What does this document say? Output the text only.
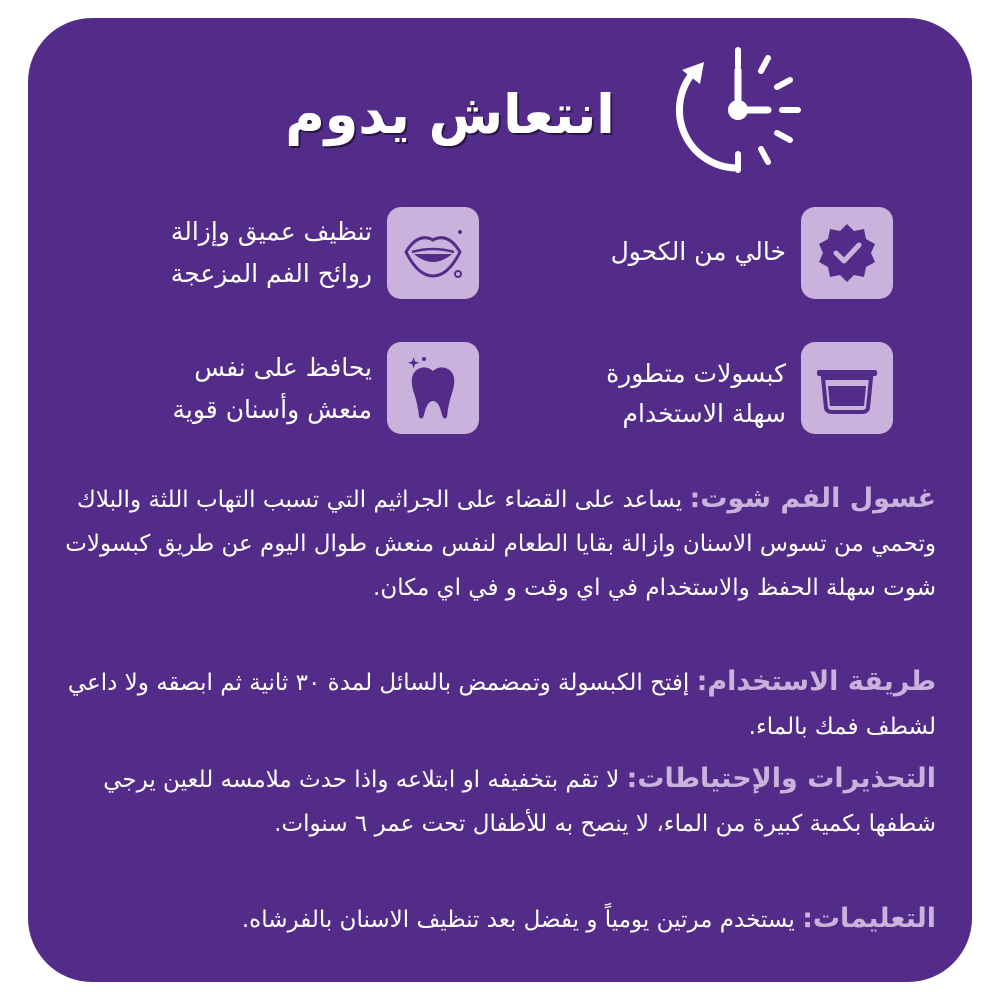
انتعاش يدوم
تنظيف عميق وإزالة
روائح الفم المزعجة
خالي من الكحول
يحافظ على نفس
منعش وأسنان قوية
كبسولات متطورة
سهلة الاستخدام
غسول الفم شوت: يساعد على القضاء على الجراثيم التي تسبب التهاب اللثة والبلاك وتحمي من تسوس الاسنان وازالة بقايا الطعام لنفس منعش طوال اليوم عن طريق كبسولات شوت سهلة الحفظ والاستخدام في اي وقت و في اي مكان.
طريقة الاستخدام: إفتح الكبسولة وتمضمض بالسائل لمدة ٣٠ ثانية ثم ابصقه ولا داعي لشطف فمك بالماء.
التحذيرات والإحتياطات: لا تقم بتخفيفه او ابتلاعه واذا حدث ملامسه للعين يرجي شطفها بكمية كبيرة من الماء، لا ينصح به للأطفال تحت عمر ٦ سنوات.
التعليمات: يستخدم مرتين يومياً و يفضل بعد تنظيف الاسنان بالفرشاه.
